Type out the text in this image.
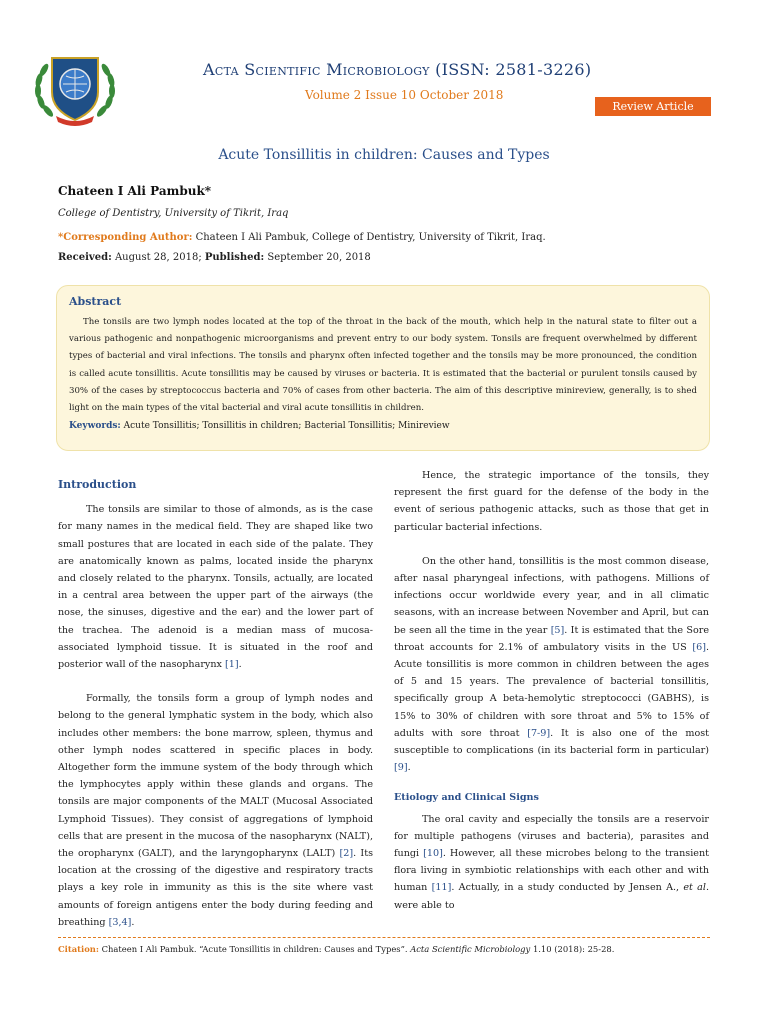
Acta Scientific Microbiology (ISSN: 2581-3226)
Volume 2 Issue 10 October 2018
Review Article
Acute Tonsillitis in children: Causes and Types
Chateen I Ali Pambuk*
College of Dentistry, University of Tikrit, Iraq
*Corresponding Author: Chateen I Ali Pambuk, College of Dentistry, University of Tikrit, Iraq.
Received: August 28, 2018; Published: September 20, 2018
Abstract

The tonsils are two lymph nodes located at the top of the throat in the back of the mouth, which help in the natural state to filter out a various pathogenic and nonpathogenic microorganisms and prevent entry to our body system. Tonsils are frequent overwhelmed by different types of bacterial and viral infections. The tonsils and pharynx often infected together and the tonsils may be more pronounced, the condition is called acute tonsillitis. Acute tonsillitis may be caused by viruses or bacteria. It is estimated that the bacterial or purulent tonsils caused by 30% of the cases by streptococcus bacteria and 70% of cases from other bacteria. The aim of this descriptive minireview, generally, is to shed light on the main types of the vital bacterial and viral acute tonsillitis in children.

Keywords: Acute Tonsillitis; Tonsillitis in children; Bacterial Tonsillitis; Minireview
Introduction

The tonsils are similar to those of almonds, as is the case for many names in the medical field. They are shaped like two small postures that are located in each side of the palate. They are anatomically known as palms, located inside the pharynx and closely related to the pharynx. Tonsils, actually, are located in a central area between the upper part of the airways (the nose, the sinuses, digestive and the ear) and the lower part of the trachea. The adenoid is a median mass of mucosa-associated lymphoid tissue. It is situated in the roof and posterior wall of the nasopharynx [1].

Formally, the tonsils form a group of lymph nodes and belong to the general lymphatic system in the body, which also includes other members: the bone marrow, spleen, thymus and other lymph nodes scattered in specific places in body. Altogether form the immune system of the body through which the lymphocytes apply within these glands and organs. The tonsils are major components of the MALT (Mucosal Associated Lymphoid Tissues). They consist of aggregations of lymphoid cells that are present in the mucosa of the nasopharynx (NALT), the oropharynx (GALT), and the laryngopharynx (LALT) [2]. Its location at the crossing of the digestive and respiratory tracts plays a key role in immunity as this is the site where vast amounts of foreign antigens enter the body during feeding and breathing [3,4].

Hence, the strategic importance of the tonsils, they represent the first guard for the defense of the body in the event of serious pathogenic attacks, such as those that get in particular bacterial infections.

On the other hand, tonsillitis is the most common disease, after nasal pharyngeal infections, with pathogens. Millions of infections occur worldwide every year, and in all climatic seasons, with an increase between November and April, but can be seen all the time in the year [5]. It is estimated that the Sore throat accounts for 2.1% of ambulatory visits in the US [6]. Acute tonsillitis is more common in children between the ages of 5 and 15 years. The prevalence of bacterial tonsillitis, specifically group A beta-hemolytic streptococci (GABHS), is 15% to 30% of children with sore throat and 5% to 15% of adults with sore throat [7-9]. It is also one of the most susceptible to complications (in its bacterial form in particular) [9].

Etiology and Clinical Signs

The oral cavity and especially the tonsils are a reservoir for multiple pathogens (viruses and bacteria), parasites and fungi [10]. However, all these microbes belong to the transient flora living in symbiotic relationships with each other and with human [11]. Actually, in a study conducted by Jensen A., et al. were able to

Citation: Chateen I Ali Pambuk. “Acute Tonsillitis in children: Causes and Types”. Acta Scientific Microbiology 1.10 (2018): 25-28.
